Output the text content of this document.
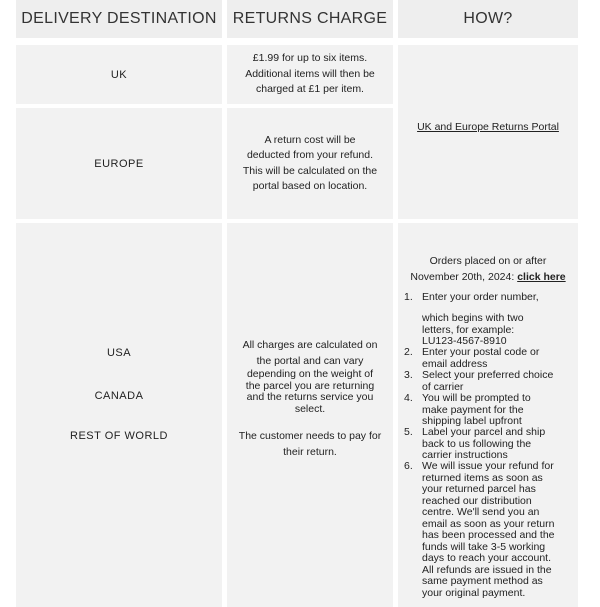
DELIVERY DESTINATION RETURNS CHARGE	HOW?
UK
£1.99 for up to six items.
Additional items will then be
charged at £1 per item.
UK and Europe Returns Portal
EUROPE
A return cost will be
deducted from your refund.
This will be calculated on the
portal based on location.
USA
CANADA
REST OF WORLD
All charges are calculated on
the portal and can vary
depending on the weight of
the parcel you are returning
and the returns service you
select.
The customer needs to pay for
their return.
Orders placed on or after
November 20th, 2024: click here
1. Enter your order number,
which begins with two
letters, for example:
LU123-4567-8910
2. Enter your postal code or
email address
3. Select your preferred choice
of carrier
4. You will be prompted to
make payment for the
shipping label upfront
5. Label your parcel and ship
back to us following the
carrier instructions
6. We will issue your refund for
returned items as soon as
your returned parcel has
reached our distribution
centre. We'll send you an
email as soon as your return
has been processed and the
funds will take 3-5 working
days to reach your account.
All refunds are issued in the
same payment method as
your original payment.
